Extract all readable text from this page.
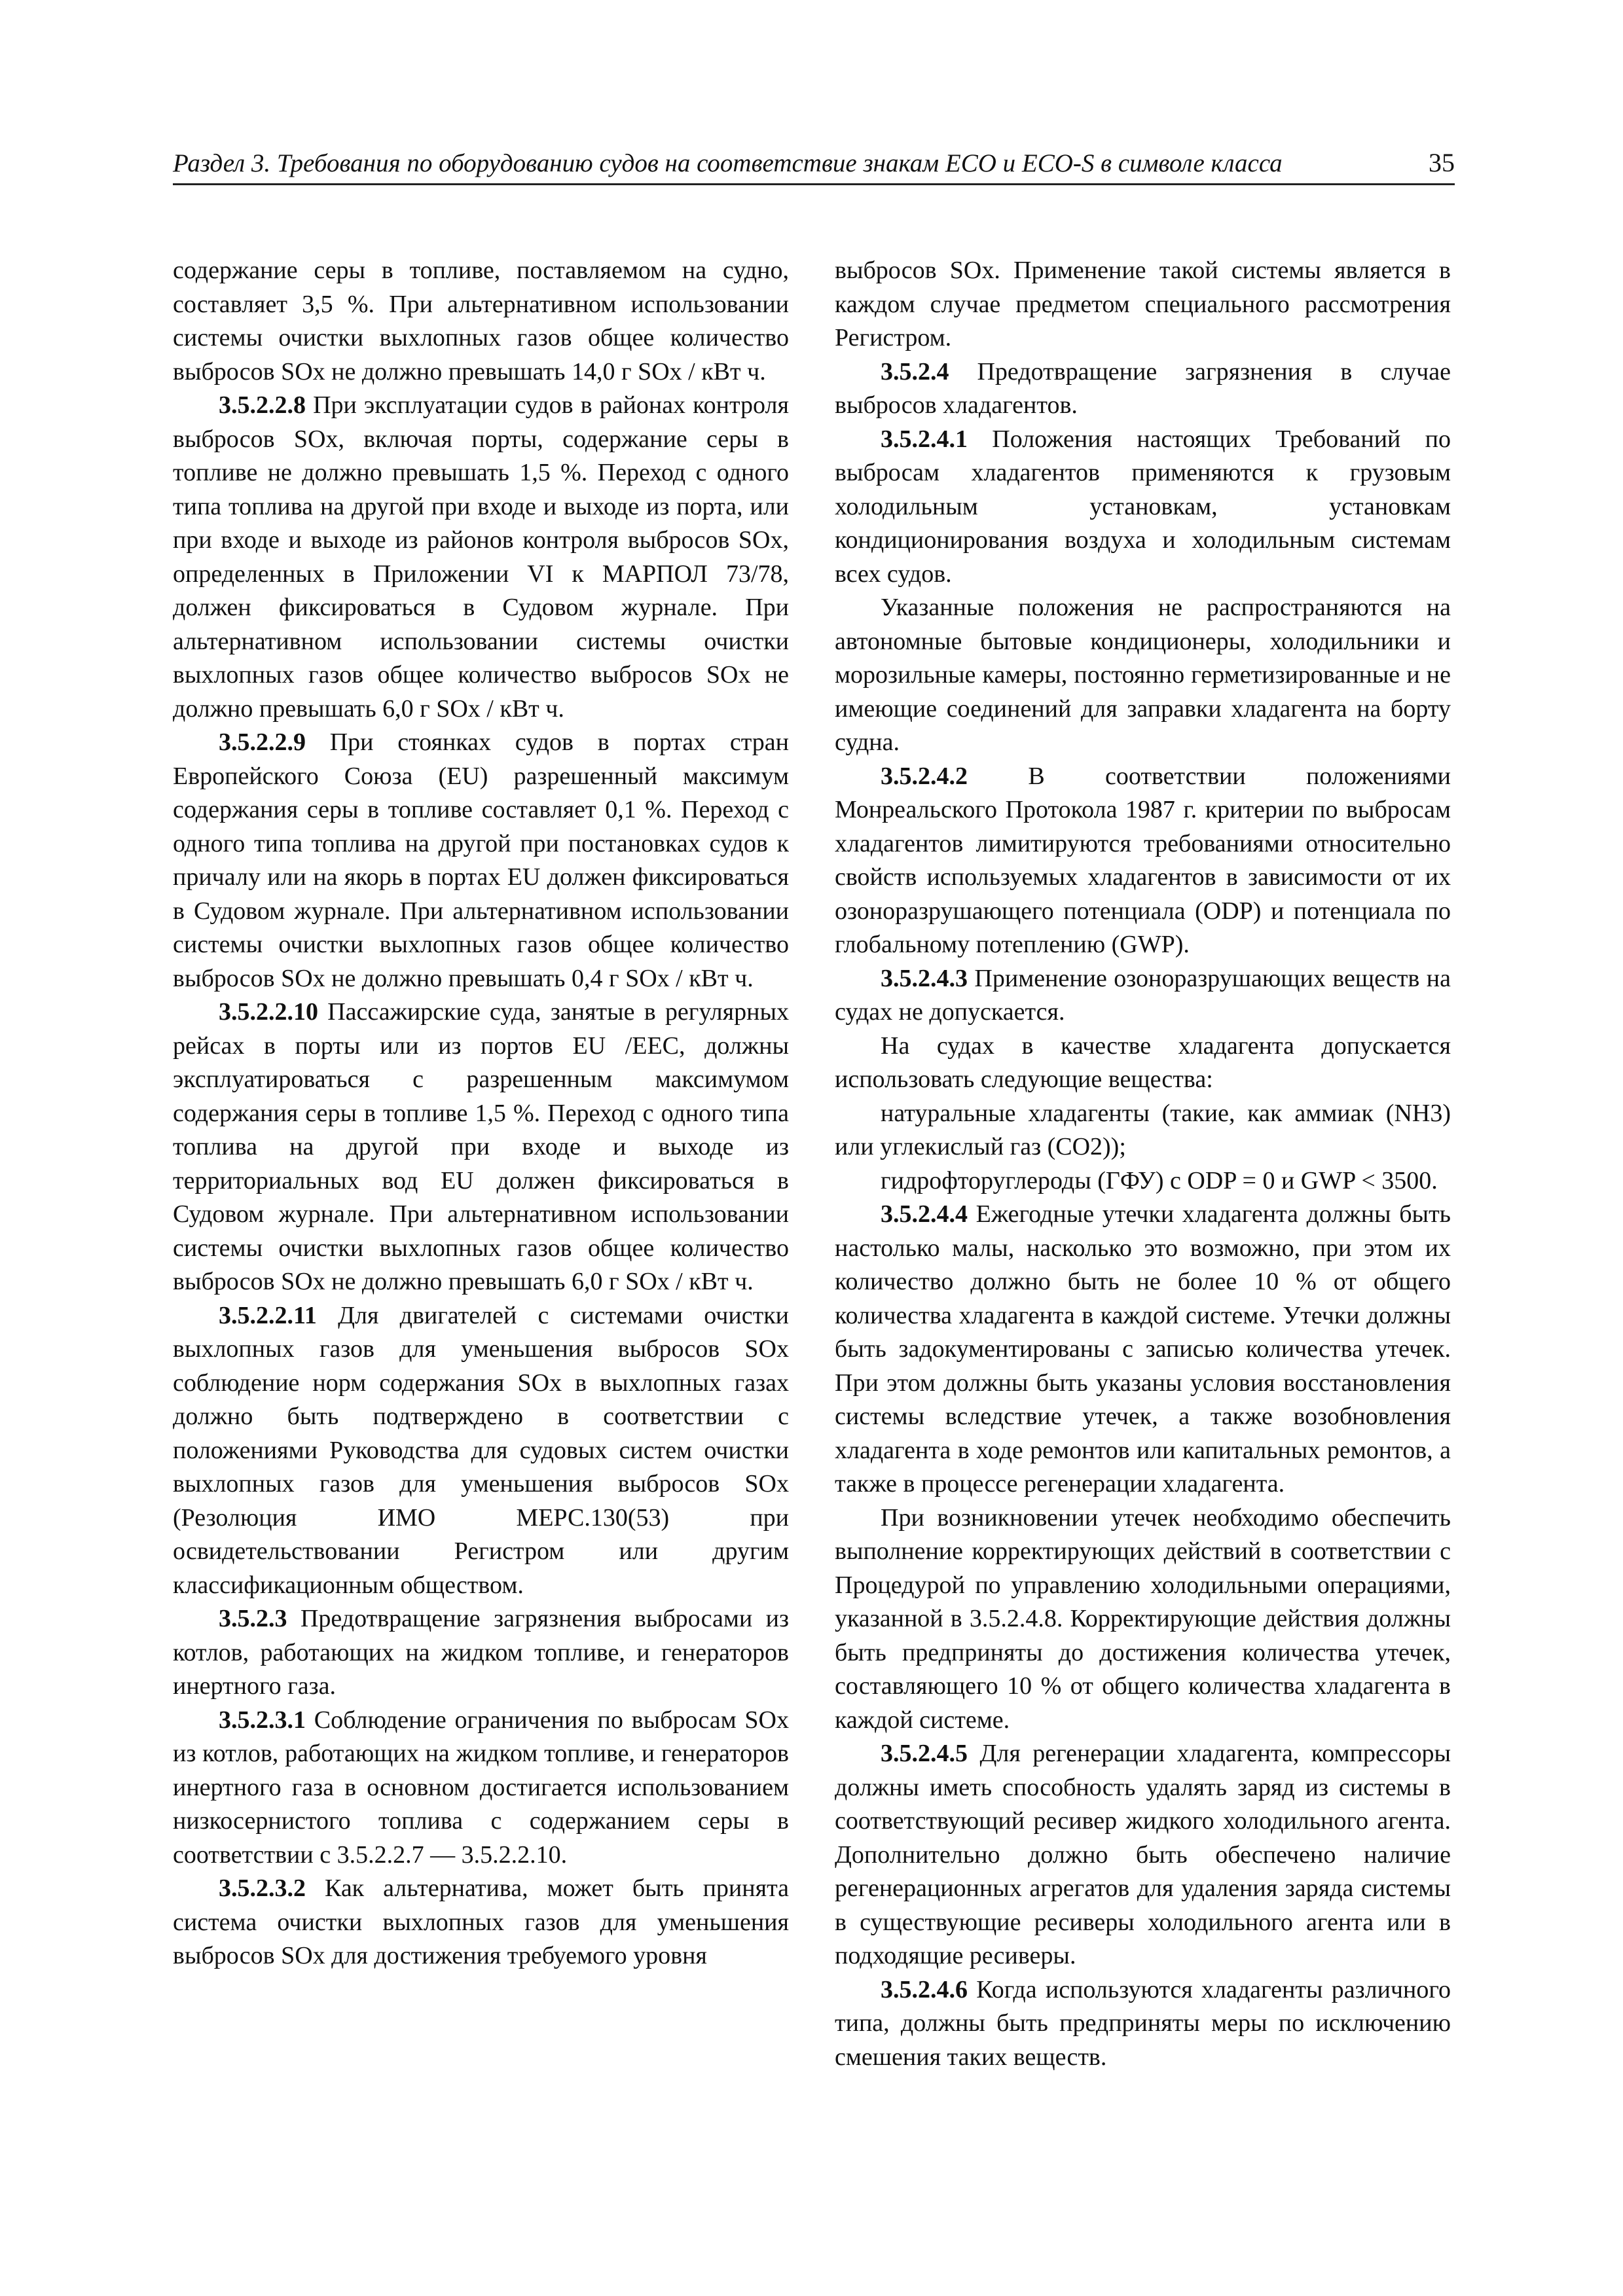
Раздел 3. Требования по оборудованию судов на соответствие знакам ECO и ECO-S в символе класса	35

содержание серы в топливе, поставляемом на судно, составляет 3,5 %. При альтернативном использовании системы очистки выхлопных газов общее количество выбросов SOx не должно превышать 14,0 г SOx / кВт ч.

3.5.2.2.8 При эксплуатации судов в районах контроля выбросов SOx, включая порты, содержание серы в топливе не должно превышать 1,5 %. Переход с одного типа топлива на другой при входе и выходе из порта, или при входе и выходе из районов контроля выбросов SOx, определенных в Приложении VI к МАРПОЛ 73/78, должен фиксироваться в Судовом журнале. При альтернативном использовании системы очистки выхлопных газов общее количество выбросов SOx не должно превышать 6,0 г SOx / кВт ч.

3.5.2.2.9 При стоянках судов в портах стран Европейского Союза (EU) разрешенный максимум содержания серы в топливе составляет 0,1 %. Переход с одного типа топлива на другой при постановках судов к причалу или на якорь в портах EU должен фиксироваться в Судовом журнале. При альтернативном использовании системы очистки выхлопных газов общее количество выбросов SOx не должно превышать 0,4 г SOx / кВт ч.

3.5.2.2.10 Пассажирские суда, занятые в регулярных рейсах в порты или из портов EU /EEC, должны эксплуатироваться с разрешенным максимумом содержания серы в топливе 1,5 %. Переход с одного типа топлива на другой при входе и выходе из территориальных вод EU должен фиксироваться в Судовом журнале. При альтернативном использовании системы очистки выхлопных газов общее количество выбросов SOx не должно превышать 6,0 г SOx / кВт ч.

3.5.2.2.11 Для двигателей с системами очистки выхлопных газов для уменьшения выбросов SOx соблюдение норм содержания SOx в выхлопных газах должно быть подтверждено в соответствии с положениями Руководства для судовых систем очистки выхлопных газов для уменьшения выбросов SOx (Резолюция ИМО МЕРС.130(53) при освидетельствовании Регистром или другим классификационным обществом.

3.5.2.3 Предотвращение загрязнения выбросами из котлов, работающих на жидком топливе, и генераторов инертного газа.

3.5.2.3.1 Соблюдение ограничения по выбросам SOx из котлов, работающих на жидком топливе, и генераторов инертного газа в основном достигается использованием низкосернистого топлива с содержанием серы в соответствии с 3.5.2.2.7 — 3.5.2.2.10.

3.5.2.3.2 Как альтернатива, может быть принята система очистки выхлопных газов для уменьшения выбросов SOx для достижения требуемого уровня

выбросов SOx. Применение такой системы является в каждом случае предметом специального рассмотрения Регистром.

3.5.2.4 Предотвращение загрязнения в случае выбросов хладагентов.

3.5.2.4.1 Положения настоящих Требований по выбросам хладагентов применяются к грузовым холодильным установкам, установкам кондиционирования воздуха и холодильным системам всех судов.

Указанные положения не распространяются на автономные бытовые кондиционеры, холодильники и морозильные камеры, постоянно герметизированные и не имеющие соединений для заправки хладагента на борту судна.

3.5.2.4.2 В соответствии положениями Монреальского Протокола 1987 г. критерии по выбросам хладагентов лимитируются требованиями относительно свойств используемых хладагентов в зависимости от их озоноразрушающего потенциала (ODP) и потенциала по глобальному потеплению (GWP).

3.5.2.4.3 Применение озоноразрушающих веществ на судах не допускается.

На судах в качестве хладагента допускается использовать следующие вещества:

натуральные хладагенты (такие, как аммиак (NH3) или углекислый газ (CO2));

гидрофторуглероды (ГФУ) с ODP = 0 и GWP < 3500.

3.5.2.4.4 Ежегодные утечки хладагента должны быть настолько малы, насколько это возможно, при этом их количество должно быть не более 10 % от общего количества хладагента в каждой системе. Утечки должны быть задокументированы с записью количества утечек. При этом должны быть указаны условия восстановления системы вследствие утечек, а также возобновления хладагента в ходе ремонтов или капитальных ремонтов, а также в процессе регенерации хладагента.

При возникновении утечек необходимо обеспечить выполнение корректирующих действий в соответствии с Процедурой по управлению холодильными операциями, указанной в 3.5.2.4.8. Корректирующие действия должны быть предприняты до достижения количества утечек, составляющего 10 % от общего количества хладагента в каждой системе.

3.5.2.4.5 Для регенерации хладагента, компрессоры должны иметь способность удалять заряд из системы в соответствующий ресивер жидкого холодильного агента. Дополнительно должно быть обеспечено наличие регенерационных агрегатов для удаления заряда системы в существующие ресиверы холодильного агента или в подходящие ресиверы.

3.5.2.4.6 Когда используются хладагенты различного типа, должны быть предприняты меры по исключению смешения таких веществ.
